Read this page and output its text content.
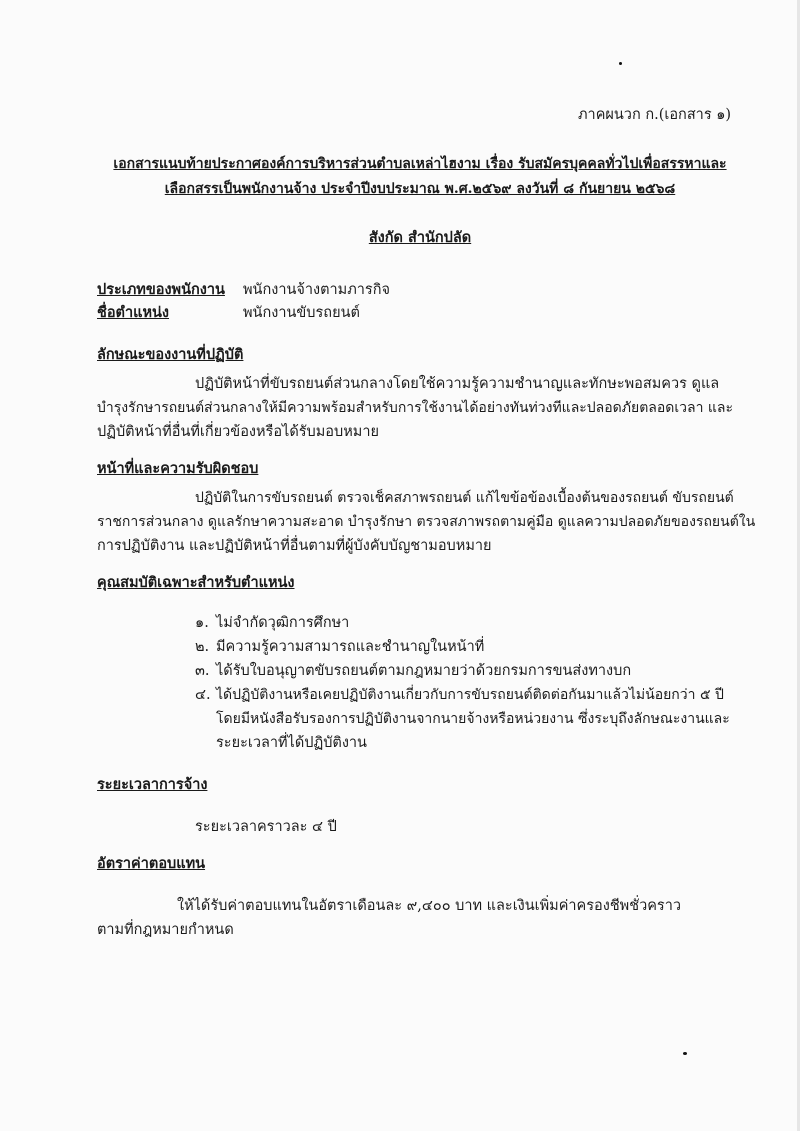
ภาคผนวก ก.(เอกสาร ๑)
เอกสารแนบท้ายประกาศองค์การบริหารส่วนตำบลเหล่าไฮงาม เรื่อง รับสมัครบุคคลทั่วไปเพื่อสรรหาและ
เลือกสรรเป็นพนักงานจ้าง ประจำปีงบประมาณ พ.ศ.๒๕๖๙ ลงวันที่ ๘ กันยายน ๒๕๖๘
สังกัด สำนักปลัด
ประเภทของพนักงาน พนักงานจ้างตามภารกิจ
ชื่อตำแหน่ง	พนักงานขับรถยนต์
ลักษณะของงานที่ปฏิบัติ
ปฏิบัติหน้าที่ขับรถยนต์ส่วนกลางโดยใช้ความรู้ความชำนาญและทักษะพอสมควร ดูแล
บำรุงรักษารถยนต์ส่วนกลางให้มีความพร้อมสำหรับการใช้งานได้อย่างทันท่วงทีและปลอดภัยตลอดเวลา และ
ปฏิบัติหน้าที่อื่นที่เกี่ยวข้องหรือได้รับมอบหมาย
หน้าที่และความรับผิดชอบ
ปฏิบัติในการขับรถยนต์ ตรวจเช็คสภาพรถยนต์ แก้ไขข้อข้องเบื้องต้นของรถยนต์ ขับรถยนต์
ราชการส่วนกลาง ดูแลรักษาความสะอาด บำรุงรักษา ตรวจสภาพรถตามคู่มือ ดูแลความปลอดภัยของรถยนต์ใน
การปฏิบัติงาน และปฏิบัติหน้าที่อื่นตามที่ผู้บังคับบัญชามอบหมาย
คุณสมบัติเฉพาะสำหรับตำแหน่ง
๑. ไม่จำกัดวุฒิการศึกษา
๒. มีความรู้ความสามารถและชำนาญในหน้าที่
๓. ได้รับใบอนุญาตขับรถยนต์ตามกฎหมายว่าด้วยกรมการขนส่งทางบก
๔. ได้ปฏิบัติงานหรือเคยปฏิบัติงานเกี่ยวกับการขับรถยนต์ติดต่อกันมาแล้วไม่น้อยกว่า ๕ ปี
โดยมีหนังสือรับรองการปฏิบัติงานจากนายจ้างหรือหน่วยงาน ซึ่งระบุถึงลักษณะงานและ
ระยะเวลาที่ได้ปฏิบัติงาน
ระยะเวลาการจ้าง
ระยะเวลาคราวละ ๔ ปี
อัตราค่าตอบแทน
ให้ได้รับค่าตอบแทนในอัตราเดือนละ ๙,๔๐๐ บาท และเงินเพิ่มค่าครองชีพชั่วคราว
ตามที่กฎหมายกำหนด
